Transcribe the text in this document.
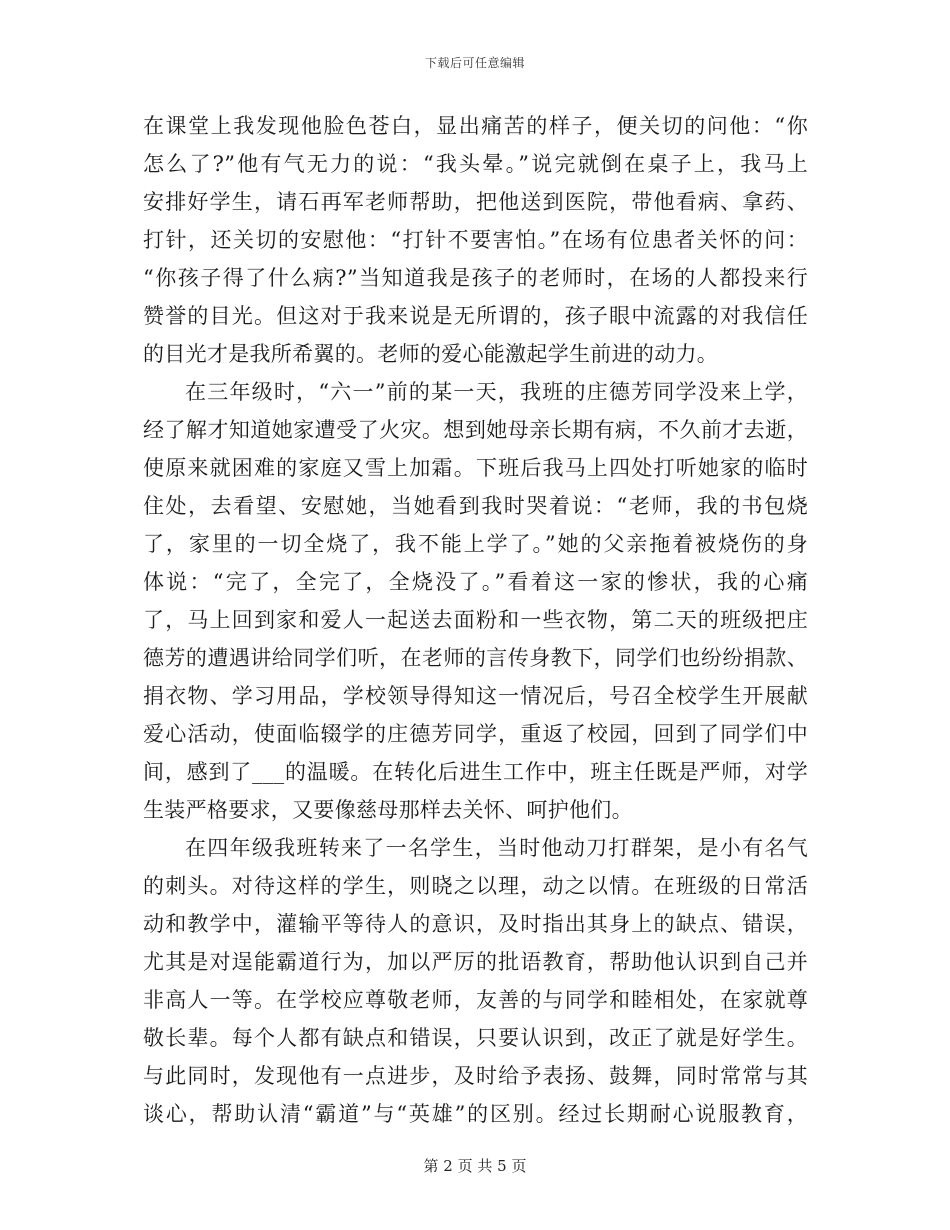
下载后可任意编辑
在课堂上我发现他脸色苍白，显出痛苦的样子，便关切的问他：“你
怎么了?”他有气无力的说：“我头晕。”说完就倒在桌子上，我马上
安排好学生，请石再军老师帮助，把他送到医院，带他看病、拿药、
打针，还关切的安慰他：“打针不要害怕。”在场有位患者关怀的问：
“你孩子得了什么病?”当知道我是孩子的老师时，在场的人都投来行
赞誉的目光。但这对于我来说是无所谓的，孩子眼中流露的对我信任
的目光才是我所希翼的。老师的爱心能激起学生前进的动力。
在三年级时，“六一”前的某一天，我班的庄德芳同学没来上学，
经了解才知道她家遭受了火灾。想到她母亲长期有病，不久前才去逝，
使原来就困难的家庭又雪上加霜。下班后我马上四处打听她家的临时
住处，去看望、安慰她，当她看到我时哭着说：“老师，我的书包烧
了，家里的一切全烧了，我不能上学了。”她的父亲拖着被烧伤的身
体说：“完了，全完了，全烧没了。”看着这一家的惨状，我的心痛
了，马上回到家和爱人一起送去面粉和一些衣物，第二天的班级把庄
德芳的遭遇讲给同学们听，在老师的言传身教下，同学们也纷纷捐款、
捐衣物、学习用品，学校领导得知这一情况后，号召全校学生开展献
爱心活动，使面临辍学的庄德芳同学，重返了校园，回到了同学们中
间，感到了___的温暖。在转化后进生工作中，班主任既是严师，对学
生装严格要求，又要像慈母那样去关怀、呵护他们。
在四年级我班转来了一名学生，当时他动刀打群架，是小有名气
的刺头。对待这样的学生，则晓之以理，动之以情。在班级的日常活
动和教学中，灌输平等待人的意识，及时指出其身上的缺点、错误，
尤其是对逞能霸道行为，加以严厉的批语教育，帮助他认识到自己并
非高人一等。在学校应尊敬老师，友善的与同学和睦相处，在家就尊
敬长辈。每个人都有缺点和错误，只要认识到，改正了就是好学生。
与此同时，发现他有一点进步，及时给予表扬、鼓舞，同时常常与其
谈心，帮助认清“霸道”与“英雄”的区别。经过长期耐心说服教育，
第 2 页 共 5 页
